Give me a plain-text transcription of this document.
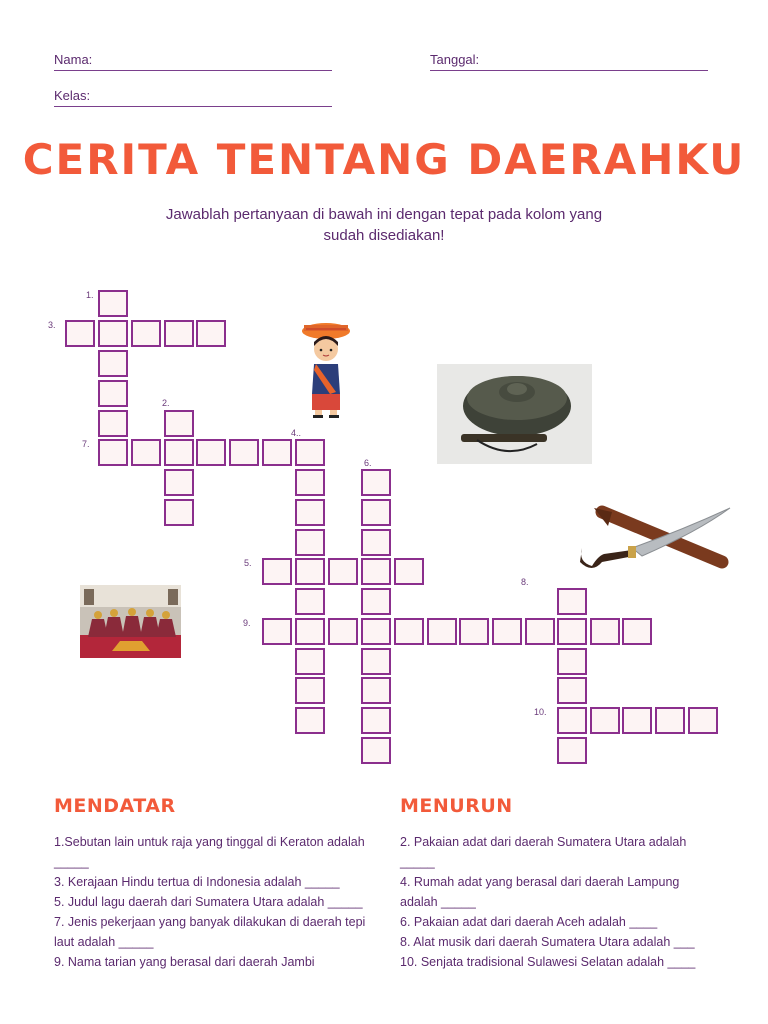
Nama:	Tanggal:
Kelas:
CERITA TENTANG DAERAHKU
Jawablah pertanyaan di bawah ini dengan tepat pada kolom yang sudah disediakan!
1.
3.
2.
7.
4..
6.
5.
9.
8.
10.
MENDATAR	MENURUN
1.Sebutan lain untuk raja yang tinggal di Keraton adalah _____
3. Kerajaan Hindu tertua di Indonesia adalah _____
5. Judul lagu daerah dari Sumatera Utara adalah _____
7. Jenis pekerjaan yang banyak dilakukan di daerah tepi laut adalah _____
9. Nama tarian yang berasal dari daerah Jambi
2. Pakaian adat dari daerah Sumatera Utara adalah _____
4. Rumah adat yang berasal dari daerah Lampung adalah _____
6. Pakaian adat dari daerah Aceh adalah ____
8. Alat musik dari daerah Sumatera Utara adalah ___
10. Senjata tradisional Sulawesi Selatan adalah ____
